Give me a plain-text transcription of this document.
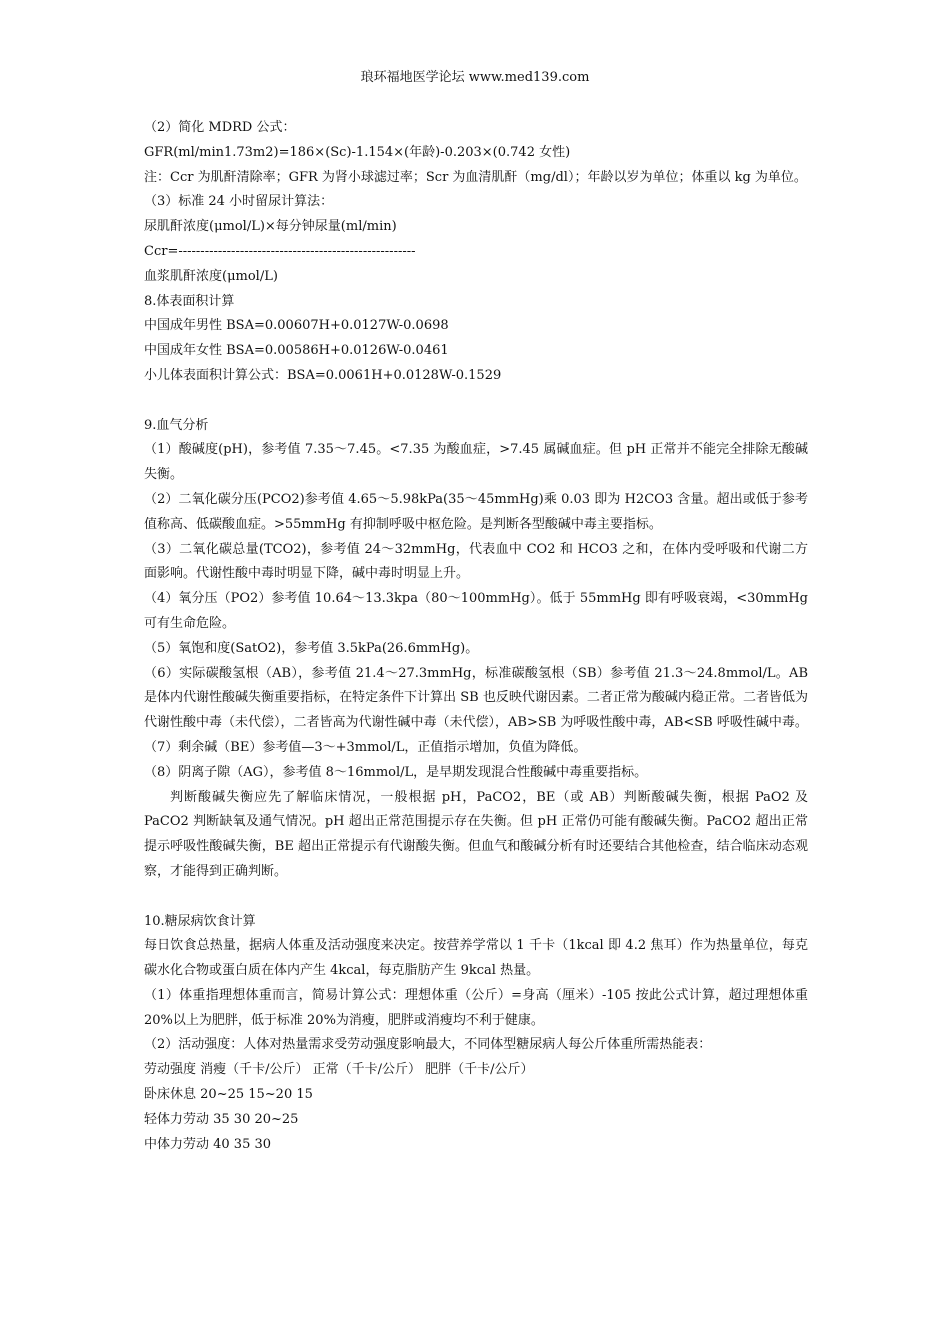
琅环福地医学论坛 www.med139.com

（2）简化 MDRD 公式：

GFR(ml/min1.73m2)=186×(Sc)-1.154×(年龄)-0.203×(0.742 女性)

注：Ccr 为肌酐清除率；GFR 为肾小球滤过率；Scr 为血清肌酐（mg/dl）；年龄以岁为单位；体重以 kg 为单位。

（3）标准 24 小时留尿计算法：

尿肌酐浓度(μmol/L)×每分钟尿量(ml/min)

Ccr=------------------------------------------------------

血浆肌酐浓度(μmol/L)

8.体表面积计算

中国成年男性 BSA=0.00607H+0.0127W-0.0698

中国成年女性 BSA=0.00586H+0.0126W-0.0461

小儿体表面积计算公式：BSA=0.0061H+0.0128W-0.1529

9.血气分析

（1）酸碱度(pH)，参考值 7.35～7.45。<7.35 为酸血症，>7.45 属碱血症。但 pH 正常并不能完全排除无酸碱失衡。

（2）二氧化碳分压(PCO2)参考值 4.65～5.98kPa(35～45mmHg)乘 0.03 即为 H2CO3 含量。超出或低于参考值称高、低碳酸血症。>55mmHg 有抑制呼吸中枢危险。是判断各型酸碱中毒主要指标。

（3）二氧化碳总量(TCO2)，参考值 24～32mmHg，代表血中 CO2 和 HCO3 之和，在体内受呼吸和代谢二方面影响。代谢性酸中毒时明显下降，碱中毒时明显上升。

（4）氧分压（PO2）参考值 10.64～13.3kpa（80～100mmHg）。低于 55mmHg 即有呼吸衰竭，<30mmHg 可有生命危险。

（5）氧饱和度(SatO2)，参考值 3.5kPa(26.6mmHg)。

（6）实际碳酸氢根（AB），参考值 21.4～27.3mmHg，标准碳酸氢根（SB）参考值 21.3～24.8mmol/L。AB 是体内代谢性酸碱失衡重要指标，在特定条件下计算出 SB 也反映代谢因素。二者正常为酸碱内稳正常。二者皆低为代谢性酸中毒（未代偿），二者皆高为代谢性碱中毒（未代偿），AB>SB 为呼吸性酸中毒，AB<SB 呼吸性碱中毒。

（7）剩余碱（BE）参考值—3～+3mmol/L，正值指示增加，负值为降低。

（8）阴离子隙（AG），参考值 8～16mmol/L，是早期发现混合性酸碱中毒重要指标。

判断酸碱失衡应先了解临床情况，一般根据 pH，PaCO2，BE（或 AB）判断酸碱失衡，根据 PaO2 及 PaCO2 判断缺氧及通气情况。pH 超出正常范围提示存在失衡。但 pH 正常仍可能有酸碱失衡。PaCO2 超出正常提示呼吸性酸碱失衡，BE 超出正常提示有代谢酸失衡。但血气和酸碱分析有时还要结合其他检查，结合临床动态观察，才能得到正确判断。

10.糖尿病饮食计算

每日饮食总热量，据病人体重及活动强度来决定。按营养学常以 1 千卡（1kcal 即 4.2 焦耳）作为热量单位，每克碳水化合物或蛋白质在体内产生 4kcal，每克脂肪产生 9kcal 热量。

（1）体重指理想体重而言，简易计算公式：理想体重（公斤）=身高（厘米）-105 按此公式计算，超过理想体重 20%以上为肥胖，低于标准 20%为消瘦，肥胖或消瘦均不利于健康。

（2）活动强度：人体对热量需求受劳动强度影响最大，不同体型糖尿病人每公斤体重所需热能表：

劳动强度 消瘦（千卡/公斤） 正常（千卡/公斤） 肥胖（千卡/公斤）

卧床休息 20~25 15~20 15

轻体力劳动 35 30 20~25

中体力劳动 40 35 30
